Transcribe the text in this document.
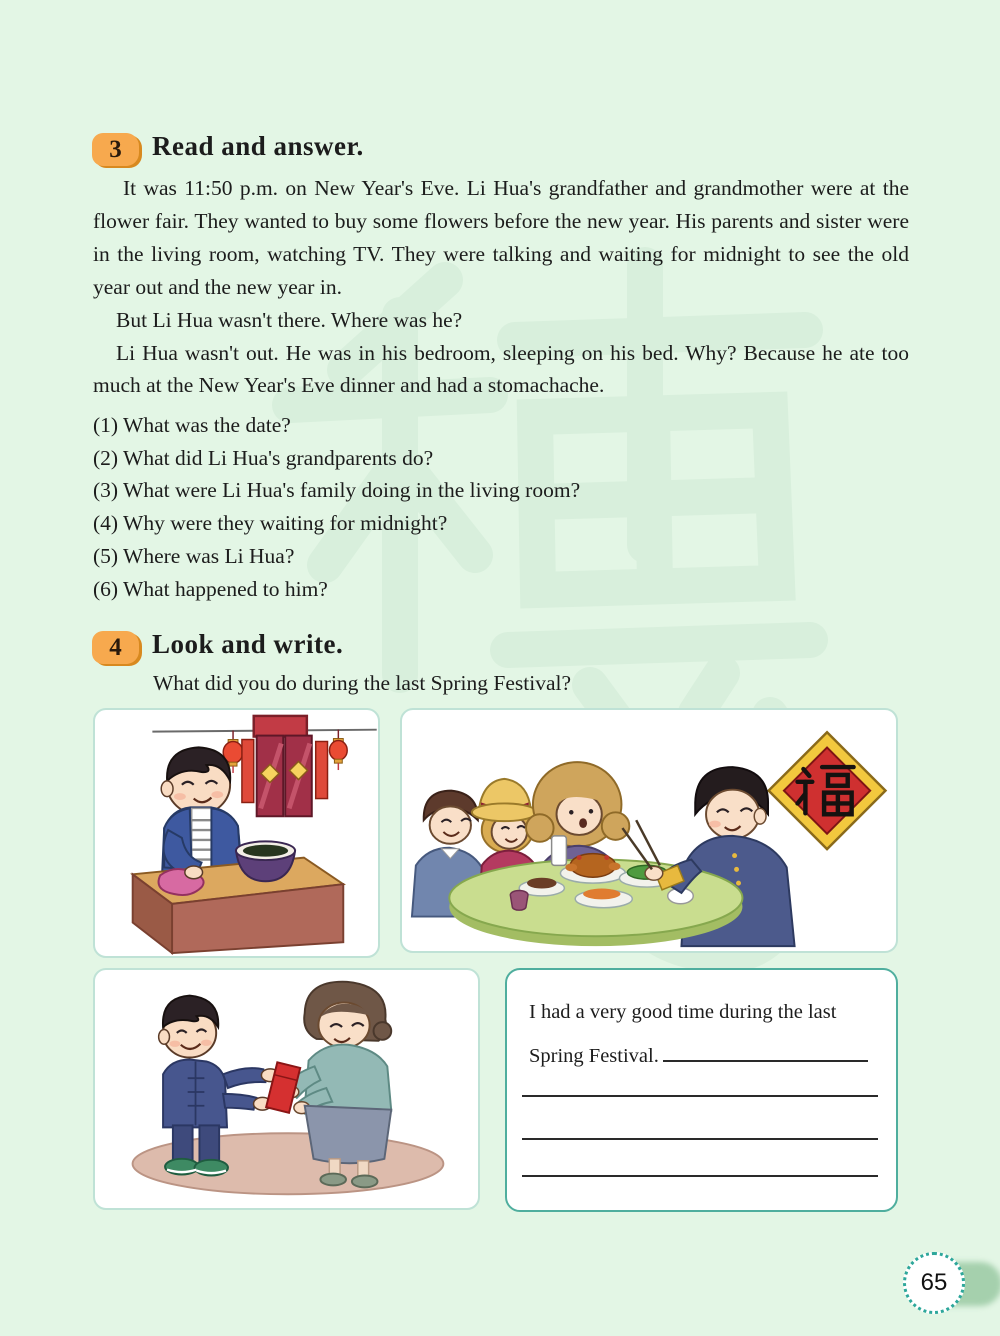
3	Read and answer.

It was 11:50 p.m. on New Year's Eve. Li Hua's grandfather and grandmother were at the flower fair. They wanted to buy some flowers before the new year. His parents and sister were in the living room, watching TV. They were talking and waiting for midnight to see the old year out and the new year in.

But Li Hua wasn't there. Where was he?

Li Hua wasn't out. He was in his bedroom, sleeping on his bed. Why? Because he ate too much at the New Year's Eve dinner and had a stomachache.

(1) What was the date?
(2) What did Li Hua's grandparents do?
(3) What were Li Hua's family doing in the living room?
(4) Why were they waiting for midnight?
(5) Where was Li Hua?
(6) What happened to him?
4	Look and write.
What did you do during the last Spring Festival?
I had a very good time during the last Spring Festival.
65
